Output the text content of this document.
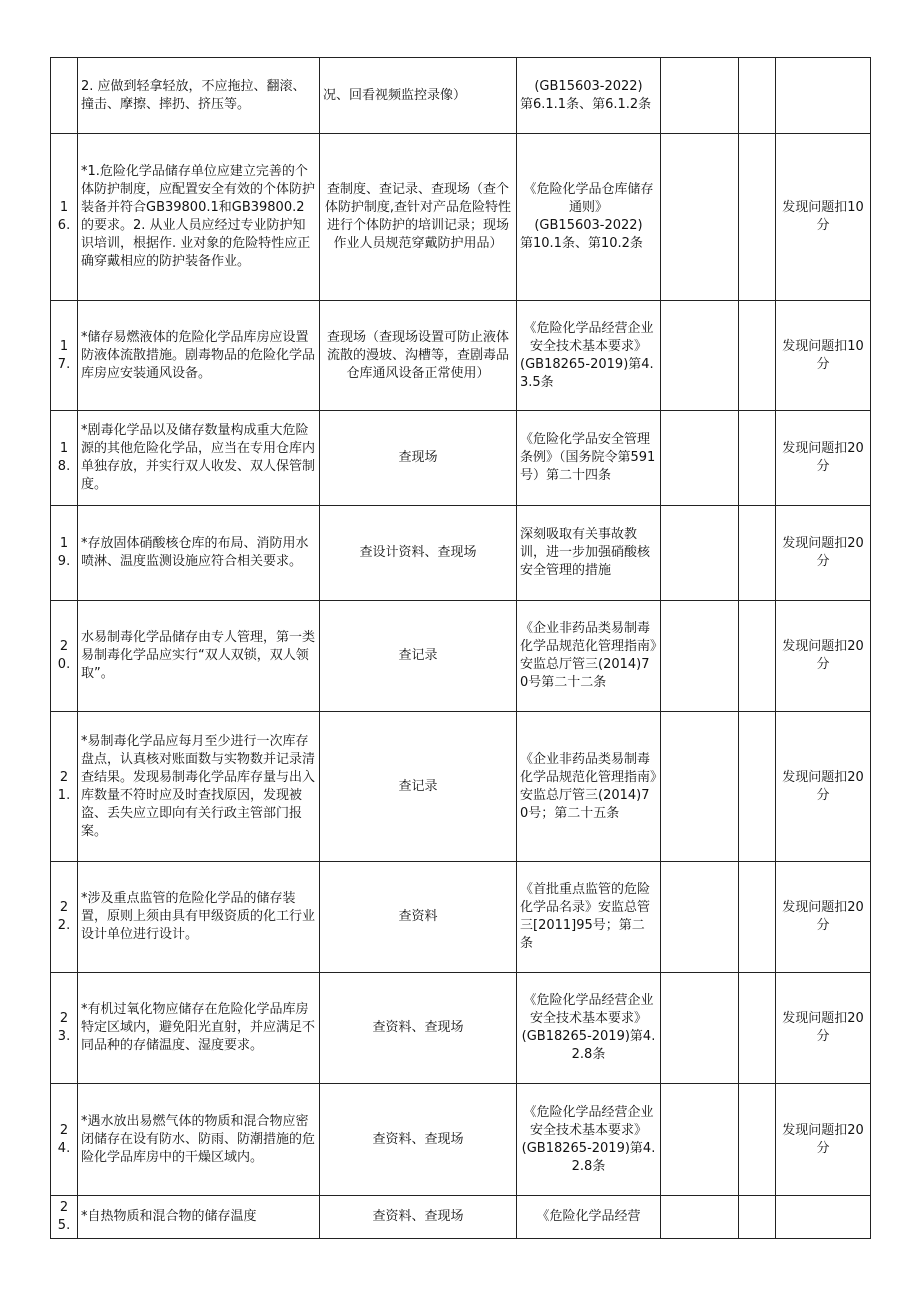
	2. 应做到轻拿轻放，不应拖拉、翻滚、撞击、摩擦、摔扔、挤压等。	况、回看视频监控录像）	(GB15603-2022)
第6.1.1条、第6.1.2条			

16.	*1.危险化学品储存单位应建立完善的个体防护制度，应配置安全有效的个体防护装备并符合GB39800.1和GB39800.2的要求。2. 从业人员应经过专业防护知识培训，根据作. 业对象的危险特性应正确穿戴相应的防护装备作业。	查制度、查记录、查现场（查个体防护制度,查针对产品危险特性进行个体防护的培训记录；现场作业人员规范穿戴防护用品）	《危险化学品仓库储存通则》
(GB15603-2022)
第10.1条、第10.2条			发现问题扣10分
17.	*储存易燃液体的危险化学品库房应设置防液体流散措施。剧毒物品的危险化学品库房应安装通风设备。	查现场（查现场设置可防止液体流散的漫坡、沟槽等，查剧毒品仓库通风设备正常使用）	《危险化学品经营企业安全技术基本要求》
(GB18265-2019)第4.3.5条			发现问题扣10分
18.	*剧毒化学品以及储存数量构成重大危险源的其他危险化学品，应当在专用仓库内单独存放，并实行双人收发、双人保管制度。	查现场	《危险化学品安全管理条例》（国务院令第591号）第二十四条			发现问题扣20分
19.	*存放固体硝酸核仓库的布局、消防用水喷淋、温度监测设施应符合相关要求。	查设计资料、查现场	深刻吸取有关事故教训，进一步加强硝酸核安全管理的措施			发现问题扣20分
20.	水易制毒化学品储存由专人管理，第一类易制毒化学品应实行“双人双锁，双人领取”。	查记录	《企业非药品类易制毒化学品规范化管理指南》安监总厅管三(2014)70号第二十二条			发现问题扣20分
21.	*易制毒化学品应每月至少进行一次库存盘点，认真核对账面数与实物数并记录清查结果。发现易制毒化学品库存量与出入库数量不符时应及时查找原因，发现被盗、丢失应立即向有关行政主管部门报案。	查记录	《企业非药品类易制毒化学品规范化管理指南》安监总厅管三(2014)70号；第二十五条			发现问题扣20分
22.	*涉及重点监管的危险化学品的储存装置，原则上须由具有甲级资质的化工行业设计单位进行设计。	查资料	《首批重点监管的危险化学品名录》安监总管三[2011]95号；第二条			发现问题扣20分
23.	*有机过氧化物应储存在危险化学品库房特定区域内，避免阳光直射，并应满足不同品种的存储温度、湿度要求。	查资料、查现场	《危险化学品经营企业安全技术基本要求》
(GB18265-2019)第4.2.8条			发现问题扣20分
24.	*遇水放出易燃气体的物质和混合物应密闭储存在设有防水、防雨、防潮措施的危险化学品库房中的干燥区域内。	查资料、查现场	《危险化学品经营企业安全技术基本要求》
(GB18265-2019)第4.2.8条			发现问题扣20分
25.	*自热物质和混合物的储存温度	查资料、查现场	《危险化学品经营			
